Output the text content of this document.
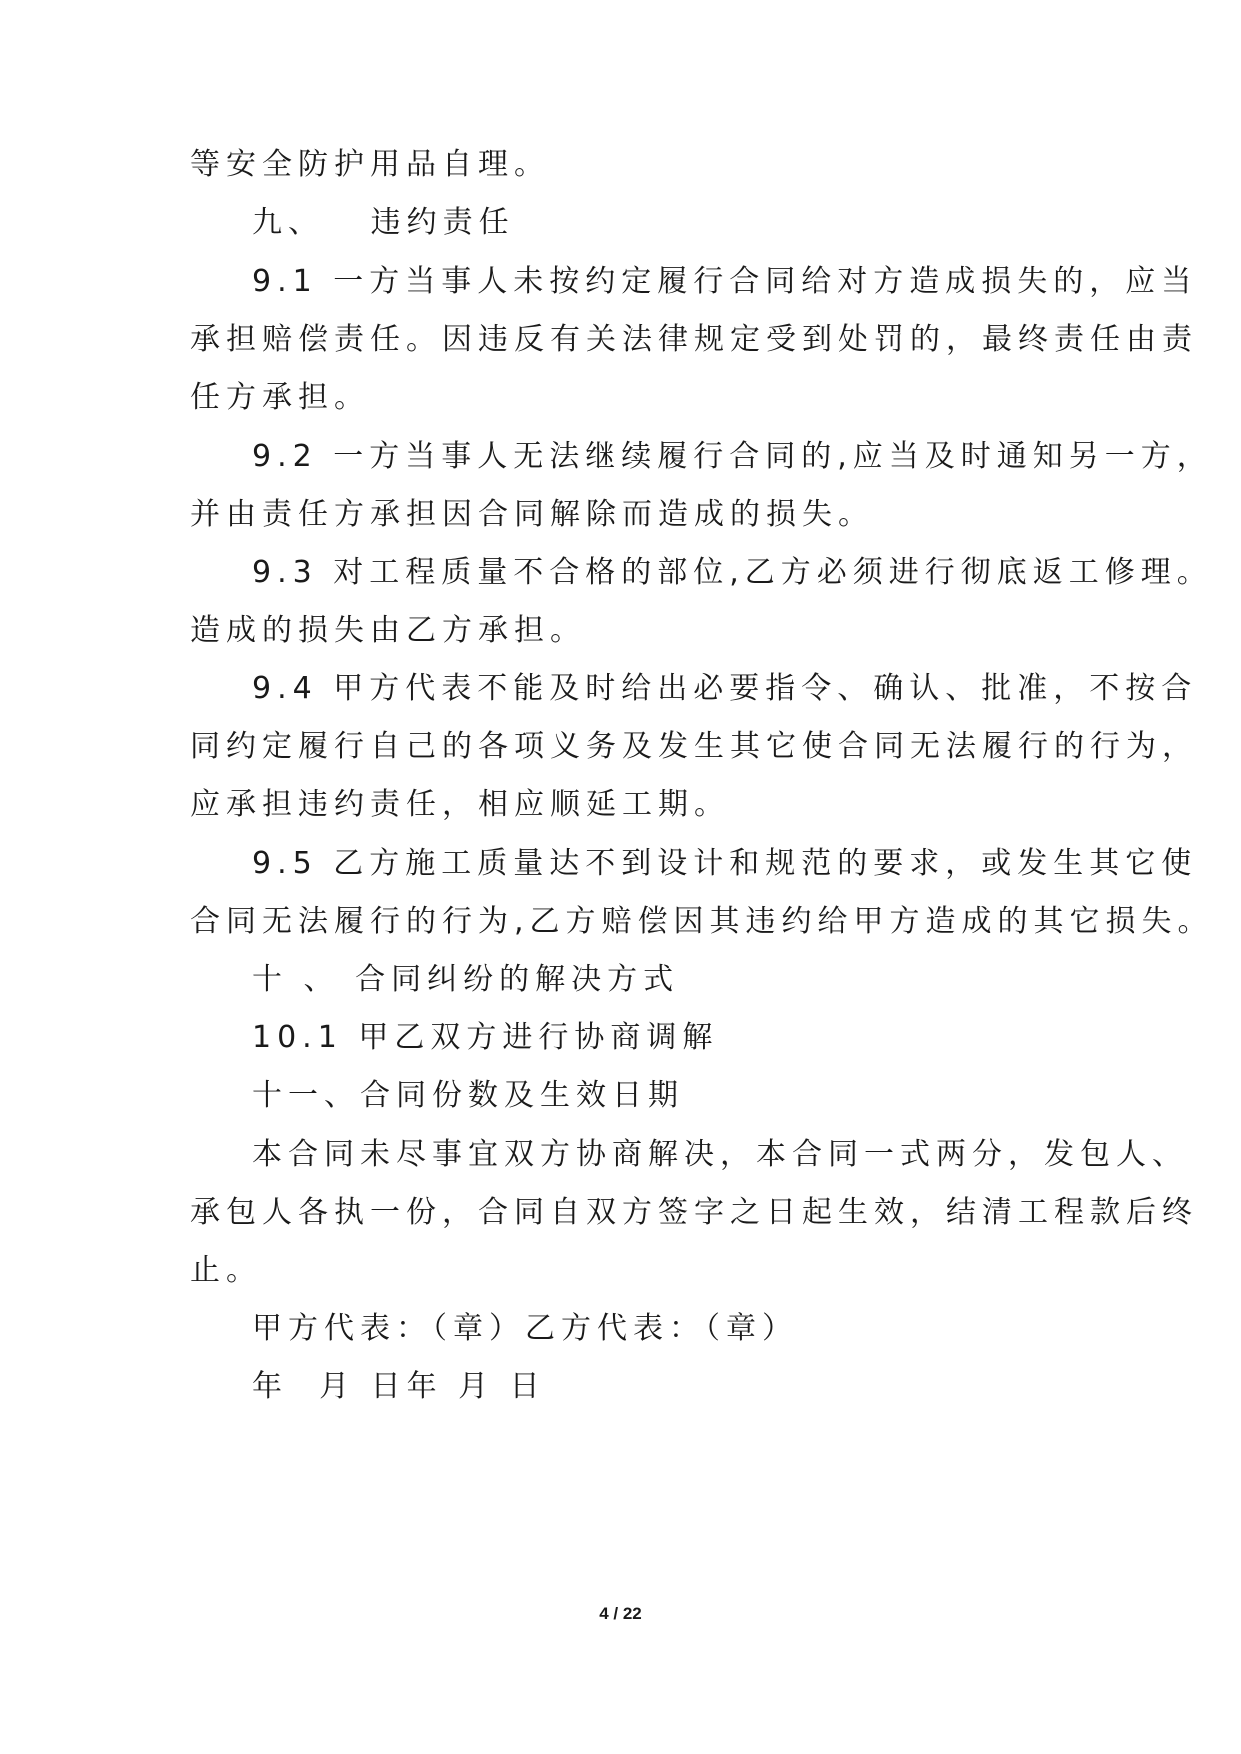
等安全防护用品自理。
九、   违约责任
9.1 一方当事人未按约定履行合同给对方造成损失的，应当
承担赔偿责任。因违反有关法律规定受到处罚的，最终责任由责
任方承担。
9.2 一方当事人无法继续履行合同的,应当及时通知另一方，
并由责任方承担因合同解除而造成的损失。
9.3 对工程质量不合格的部位,乙方必须进行彻底返工修理。
造成的损失由乙方承担。
9.4 甲方代表不能及时给出必要指令、确认、批准，不按合
同约定履行自己的各项义务及发生其它使合同无法履行的行为，
应承担违约责任，相应顺延工期。
9.5 乙方施工质量达不到设计和规范的要求，或发生其它使
合同无法履行的行为,乙方赔偿因其违约给甲方造成的其它损失。
十 、 合同纠纷的解决方式
10.1 甲乙双方进行协商调解
十一、合同份数及生效日期
本合同未尽事宜双方协商解决，本合同一式两分，发包人、
承包人各执一份，合同自双方签字之日起生效，结清工程款后终
止。
甲方代表：（章）乙方代表：（章）
年  月 日年 月 日
4 / 22
